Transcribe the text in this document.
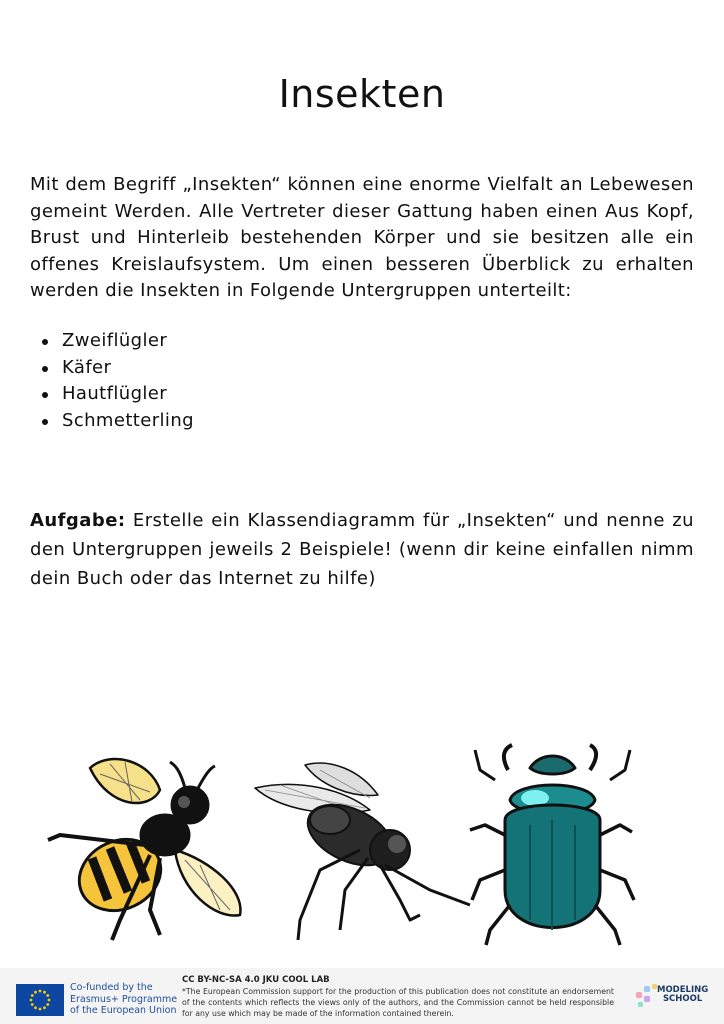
Insekten
Mit dem Begriff „Insekten“ können eine enorme Vielfalt an Lebewesen gemeint Werden. Alle Vertreter dieser Gattung haben einen Aus Kopf, Brust und Hinterleib bestehenden Körper und sie besitzen alle ein offenes Kreislaufsystem. Um einen besseren Überblick zu erhalten werden die Insekten in Folgende Untergruppen unterteilt:
Zweiflügler
Käfer
Hautflügler
Schmetterling
Aufgabe: Erstelle ein Klassendiagramm für „Insekten“ und nenne zu den Untergruppen jeweils 2 Beispiele! (wenn dir keine einfallen nimm dein Buch oder das Internet zu hilfe)
Co-funded by the
Erasmus+ Programme
of the European Union
CC BY-NC-SA 4.0 JKU COOL LAB
*The European Commission support for the production of this publication does not constitute an endorsement of the contents which reflects the views only of the authors, and the Commission cannot be held responsible for any use which may be made of the information contained therein.
MODELING
SCHOOL
